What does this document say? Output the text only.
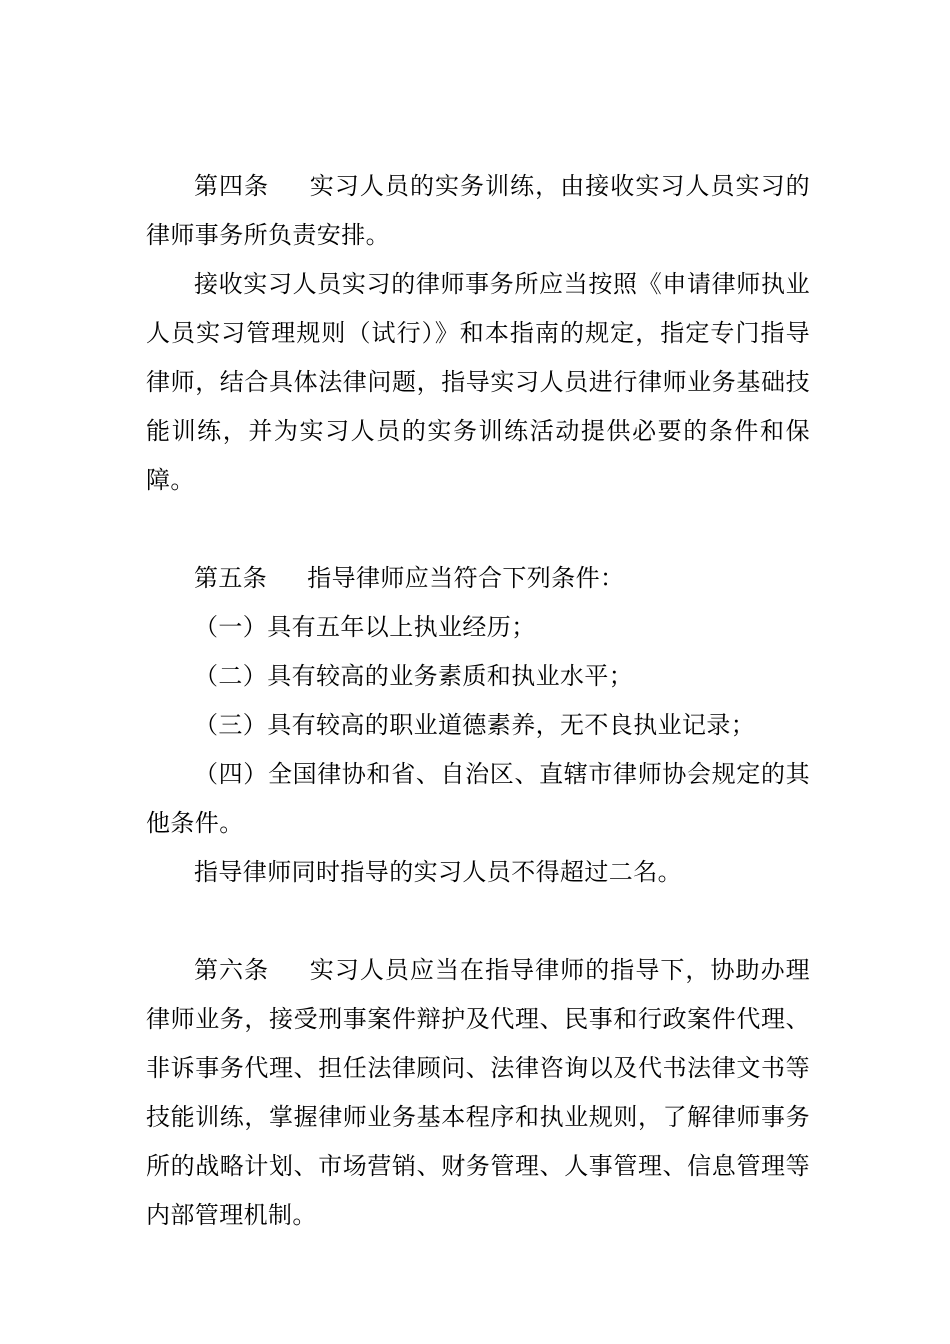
第四条 实习人员的实务训练，由接收实习人员实习的律师事务所负责安排。

接收实习人员实习的律师事务所应当按照《申请律师执业人员实习管理规则（试行）》和本指南的规定，指定专门指导律师，结合具体法律问题，指导实习人员进行律师业务基础技能训练，并为实习人员的实务训练活动提供必要的条件和保障。

第五条 指导律师应当符合下列条件：

（一）具有五年以上执业经历；

（二）具有较高的业务素质和执业水平；

（三）具有较高的职业道德素养，无不良执业记录；

（四）全国律协和省、自治区、直辖市律师协会规定的其他条件。

指导律师同时指导的实习人员不得超过二名。

第六条 实习人员应当在指导律师的指导下，协助办理律师业务，接受刑事案件辩护及代理、民事和行政案件代理、非诉事务代理、担任法律顾问、法律咨询以及代书法律文书等技能训练，掌握律师业务基本程序和执业规则，了解律师事务所的战略计划、市场营销、财务管理、人事管理、信息管理等内部管理机制。
